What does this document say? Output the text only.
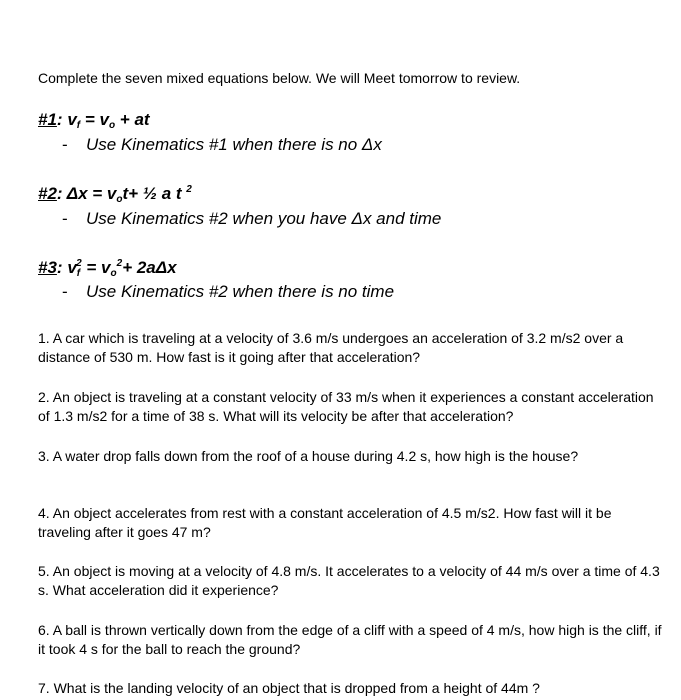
Complete the seven mixed equations below. We will Meet tomorrow to review.
#1: $v_f = v_o$ + at
- Use Kinematics #1 when there is no Δx
#2: $\Delta x = v_ot+$ ½ a t $^2$
- Use Kinematics #2 when you have Δx and time
#3: $v_f^2 = v_o^2+ 2a\Delta x$
- Use Kinematics #2 when there is no time

1. A car which is traveling at a velocity of 3.6 m/s undergoes an acceleration of 3.2 m/s2 over a distance of 530 m. How fast is it going after that acceleration?

2. An object is traveling at a constant velocity of 33 m/s when it experiences a constant acceleration of 1.3 m/s2 for a time of 38 s. What will its velocity be after that acceleration?

3. A water drop falls down from the roof of a house during 4.2 s, how high is the house?

4. An object accelerates from rest with a constant acceleration of 4.5 m/s2. How fast will it be traveling after it goes 47 m?

5. An object is moving at a velocity of 4.8 m/s. It accelerates to a velocity of 44 m/s over a time of 4.3 s. What acceleration did it experience?

6. A ball is thrown vertically down from the edge of a cliff with a speed of 4 m/s, how high is the cliff, if it took 4 s for the ball to reach the ground?

7. What is the landing velocity of an object that is dropped from a height of 44m ?
